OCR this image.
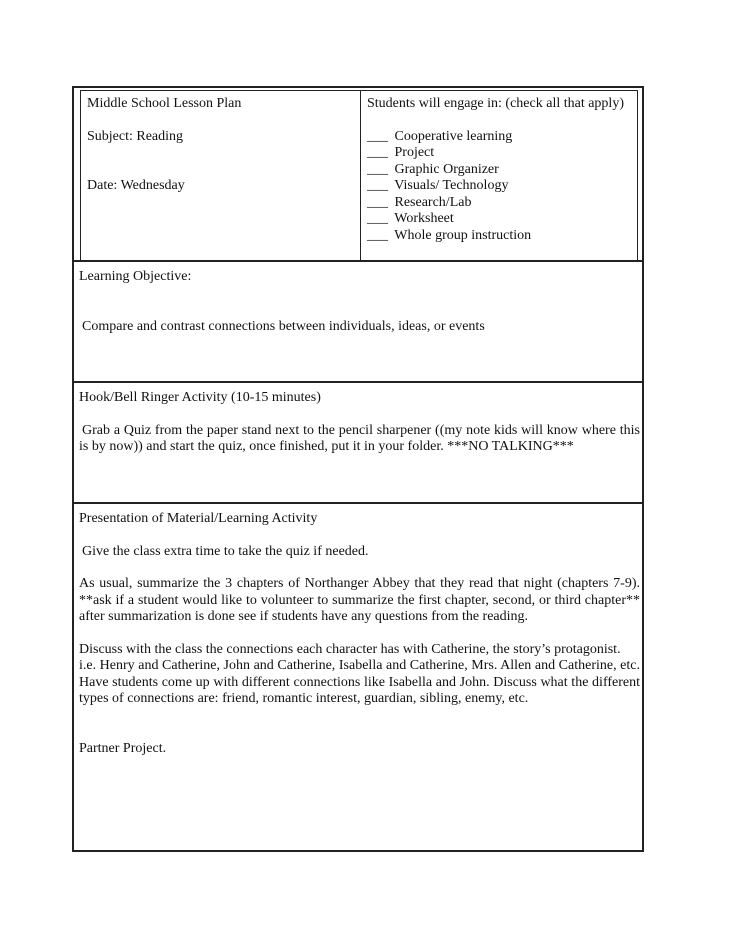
Middle School Lesson Plan
Subject: Reading
Date: Wednesday
Students will engage in: (check all that apply)
___ Cooperative learning
___ Project
___ Graphic Organizer
___ Visuals/ Technology
___ Research/Lab
___ Worksheet
___ Whole group instruction
Learning Objective:

Compare and contrast connections between individuals, ideas, or events

Hook/Bell Ringer Activity (10-15 minutes)

Grab a Quiz from the paper stand next to the pencil sharpener ((my note kids will know where this is by now)) and start the quiz, once finished, put it in your folder. ***NO TALKING***

Presentation of Material/Learning Activity

Give the class extra time to take the quiz if needed.

As usual, summarize the 3 chapters of Northanger Abbey that they read that night (chapters 7-9). **ask if a student would like to volunteer to summarize the first chapter, second, or third chapter** after summarization is done see if students have any questions from the reading.

Discuss with the class the connections each character has with Catherine, the story’s protagonist.

i.e. Henry and Catherine, John and Catherine, Isabella and Catherine, Mrs. Allen and Catherine, etc. Have students come up with different connections like Isabella and John. Discuss what the different types of connections are: friend, romantic interest, guardian, sibling, enemy, etc.

Partner Project.
